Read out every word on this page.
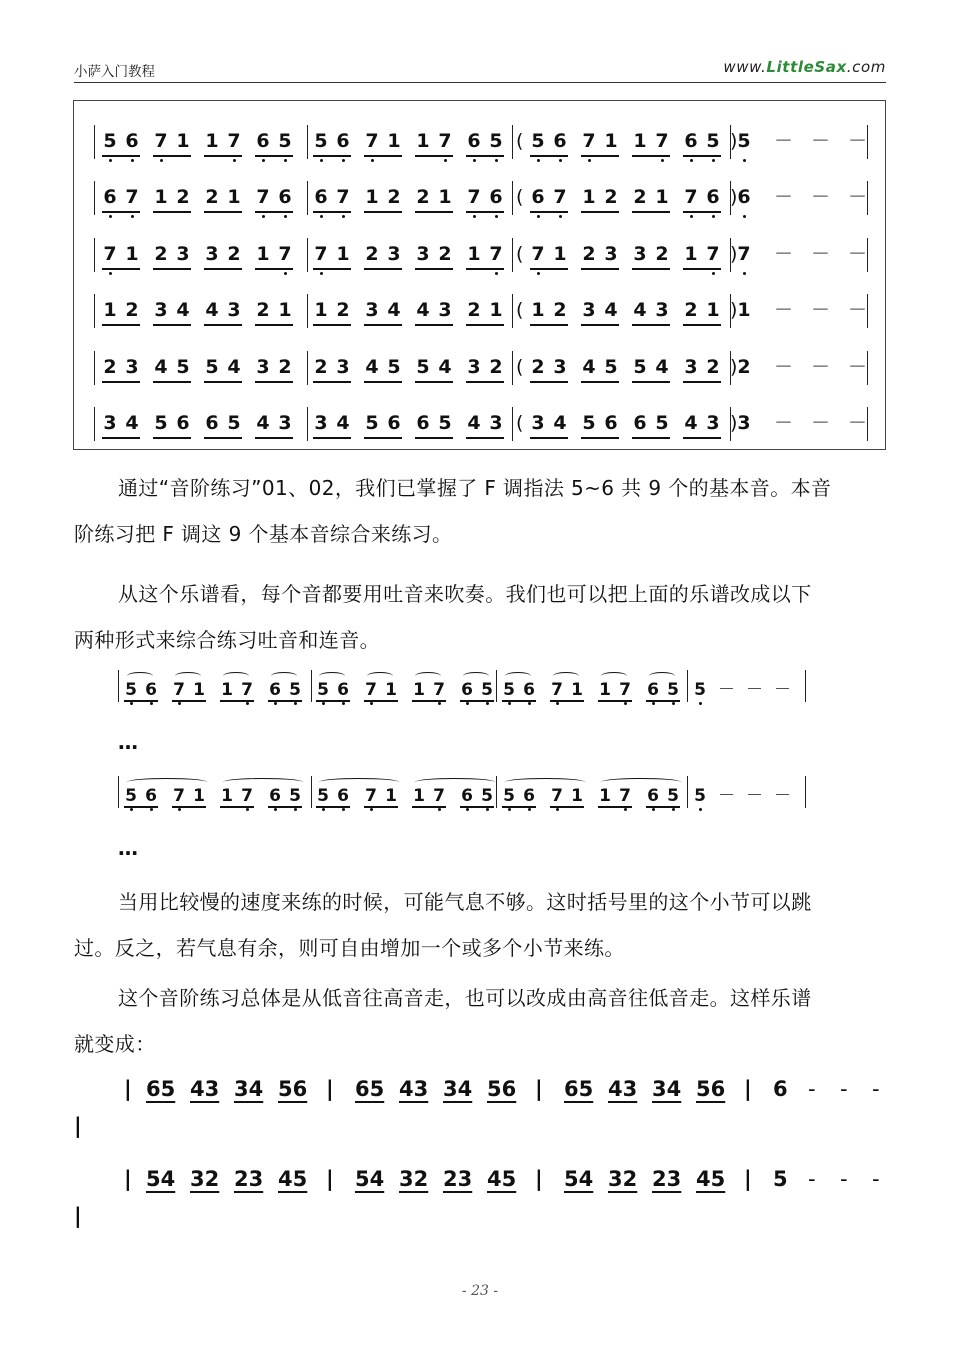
小萨入门教程	www.LittleSax.com
5 6 7 1 1 7 6 5 5 6 7 1 1 7 6 5 ( 5 6 7 1 1 7 6 5 ) 5 － － －
6 7 1 2 2 1 7 6 6 7 1 2 2 1 7 6 ( 6 7 1 2 2 1 7 6 ) 6 － － －
7 1 2 3 3 2 1 7 7 1 2 3 3 2 1 7 ( 7 1 2 3 3 2 1 7 ) 7 － － －
1 2 3 4 4 3 2 1 1 2 3 4 4 3 2 1 ( 1 2 3 4 4 3 2 1 ) 1 － － －
2 3 4 5 5 4 3 2 2 3 4 5 5 4 3 2 ( 2 3 4 5 5 4 3 2 ) 2 － － －
3 4 5 6 6 5 4 3 3 4 5 6 6 5 4 3 ( 3 4 5 6 6 5 4 3 ) 3 － － －
通过“音阶练习”01、02，我们已掌握了 F 调指法 5~6 共 9 个的基本音。本音
阶练习把 F 调这 9 个基本音综合来练习。
从这个乐谱看，每个音都要用吐音来吹奏。我们也可以把上面的乐谱改成以下
两种形式来综合练习吐音和连音。
5 6 7 1 1 7 6 5 5 6 7 1 1 7 6 5 5 6 7 1 1 7 6 5 5 － － －
…
5 6 7 1 1 7 6 5 5 6 7 1 1 7 6 5 5 6 7 1 1 7 6 5 5 － － －
…
当用比较慢的速度来练的时候，可能气息不够。这时括号里的这个小节可以跳
过。反之，若气息有余，则可自由增加一个或多个小节来练。
这个音阶练习总体是从低音往高音走，也可以改成由高音往低音走。这样乐谱
就变成：
|	|	|	|
65 43 34 56 65 43 34 56 65 43 34 56 6 - - -
|
|	|	|	|
54 32 23 45 54 32 23 45 54 32 23 45 5 - - -
|
- 23 -
